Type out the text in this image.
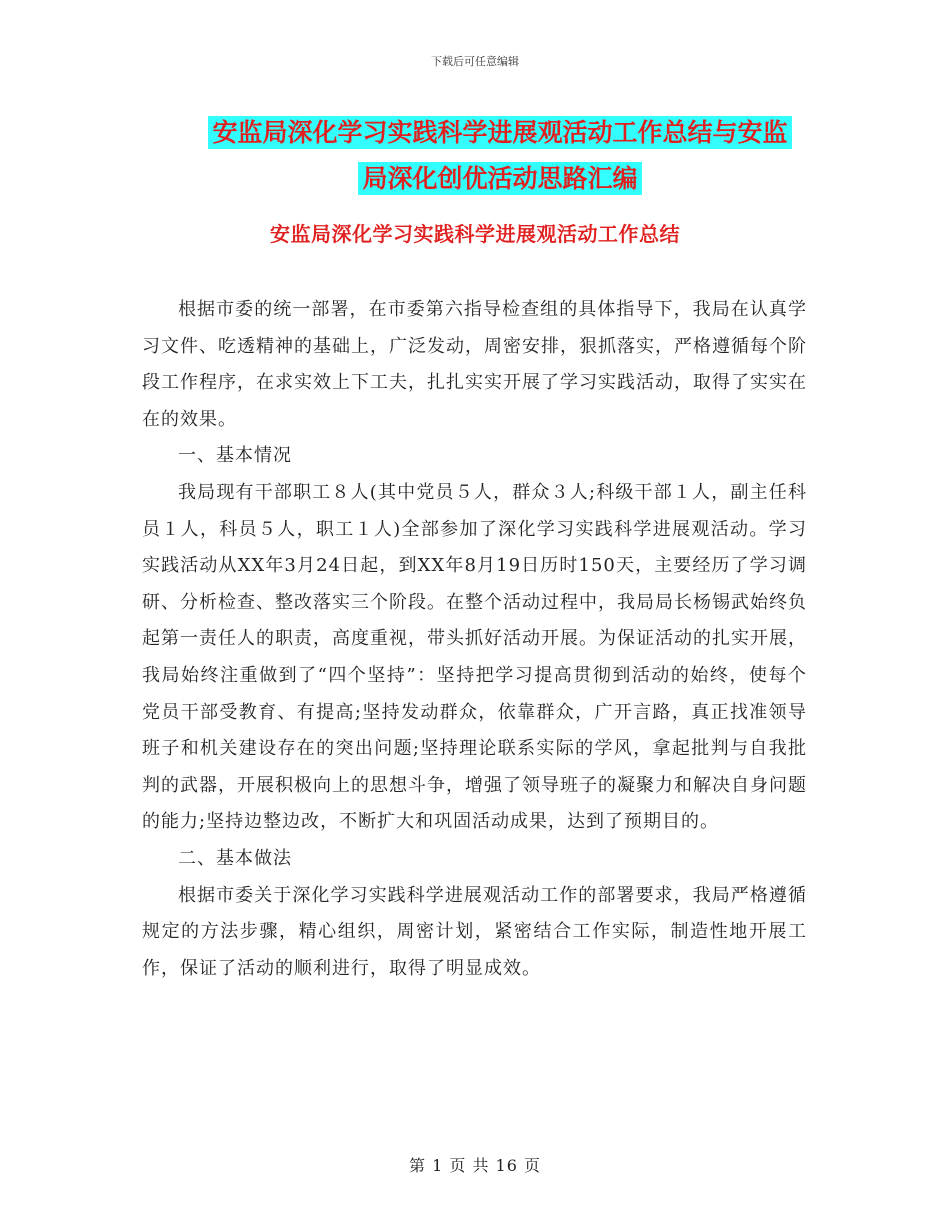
下载后可任意编辑
安监局深化学习实践科学进展观活动工作总结与安监
局深化创优活动思路汇编
安监局深化学习实践科学进展观活动工作总结

根据市委的统一部署，在市委第六指导检查组的具体指导下，我局在认真学习文件、吃透精神的基础上，广泛发动，周密安排，狠抓落实，严格遵循每个阶段工作程序，在求实效上下工夫，扎扎实实开展了学习实践活动，取得了实实在在的效果。

一、基本情况

我局现有干部职工８人(其中党员５人，群众３人;科级干部１人，副主任科员１人，科员５人，职工１人)全部参加了深化学习实践科学进展观活动。学习实践活动从XX年3月24日起，到XX年8月19日历时150天，主要经历了学习调研、分析检查、整改落实三个阶段。在整个活动过程中，我局局长杨锡武始终负起第一责任人的职责，高度重视，带头抓好活动开展。为保证活动的扎实开展，我局始终注重做到了“四个坚持”：坚持把学习提高贯彻到活动的始终，使每个党员干部受教育、有提高;坚持发动群众，依靠群众，广开言路，真正找准领导班子和机关建设存在的突出问题;坚持理论联系实际的学风，拿起批判与自我批判的武器，开展积极向上的思想斗争，增强了领导班子的凝聚力和解决自身问题的能力;坚持边整边改，不断扩大和巩固活动成果，达到了预期目的。

二、基本做法

根据市委关于深化学习实践科学进展观活动工作的部署要求，我局严格遵循规定的方法步骤，精心组织，周密计划，紧密结合工作实际，制造性地开展工作，保证了活动的顺利进行，取得了明显成效。

第 1 页 共 16 页
